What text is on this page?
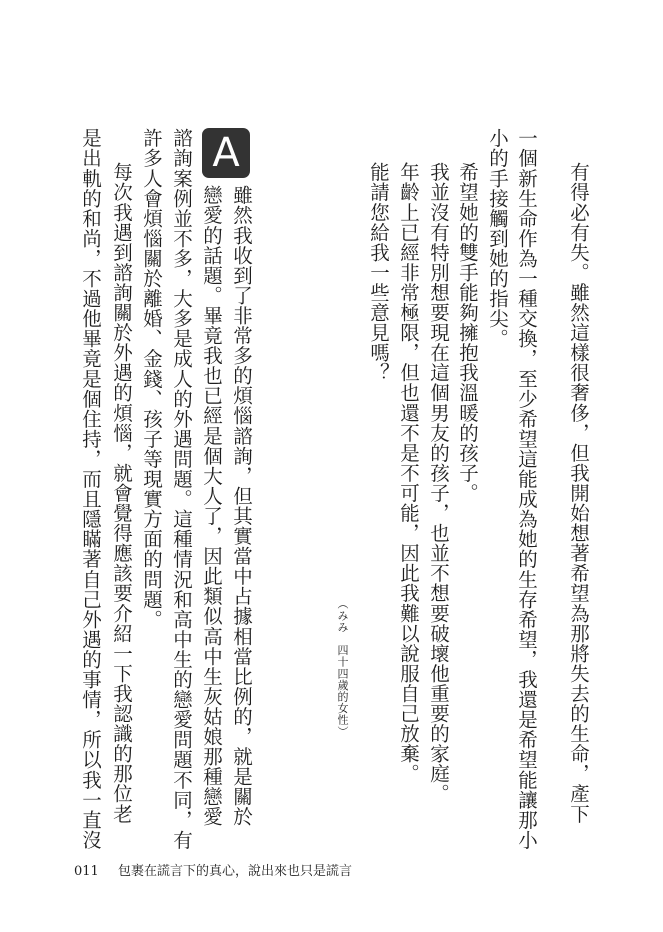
有得必有失。雖然這樣很奢侈，但我開始想著希望為那將失去的生命，產下
一個新生命作為一種交換，至少希望這能成為她的生存希望，我還是希望能讓那小
小的手接觸到她的指尖。
希望她的雙手能夠擁抱我溫暖的孩子。
我並沒有特別想要現在這個男友的孩子，也並不想要破壞他重要的家庭。
年齡上已經非常極限，但也還不是不可能，因此我難以說服自己放棄。
能請您給我一些意見嗎？
（みみ　四十四歲的女性）
A
雖然我收到了非常多的煩惱諮詢，但其實當中占據相當比例的，就是關於
戀愛的話題。畢竟我也已經是個大人了，因此類似高中生灰姑娘那種戀愛
諮詢案例並不多，大多是成人的外遇問題。這種情況和高中生的戀愛問題不同，有
許多人會煩惱關於離婚、金錢、孩子等現實方面的問題。
每次我遇到諮詢關於外遇的煩惱，就會覺得應該要介紹一下我認識的那位老
是出軌的和尚，不過他畢竟是個住持，而且隱瞞著自己外遇的事情，所以我一直沒
011 包裹在謊言下的真心，說出來也只是謊言
